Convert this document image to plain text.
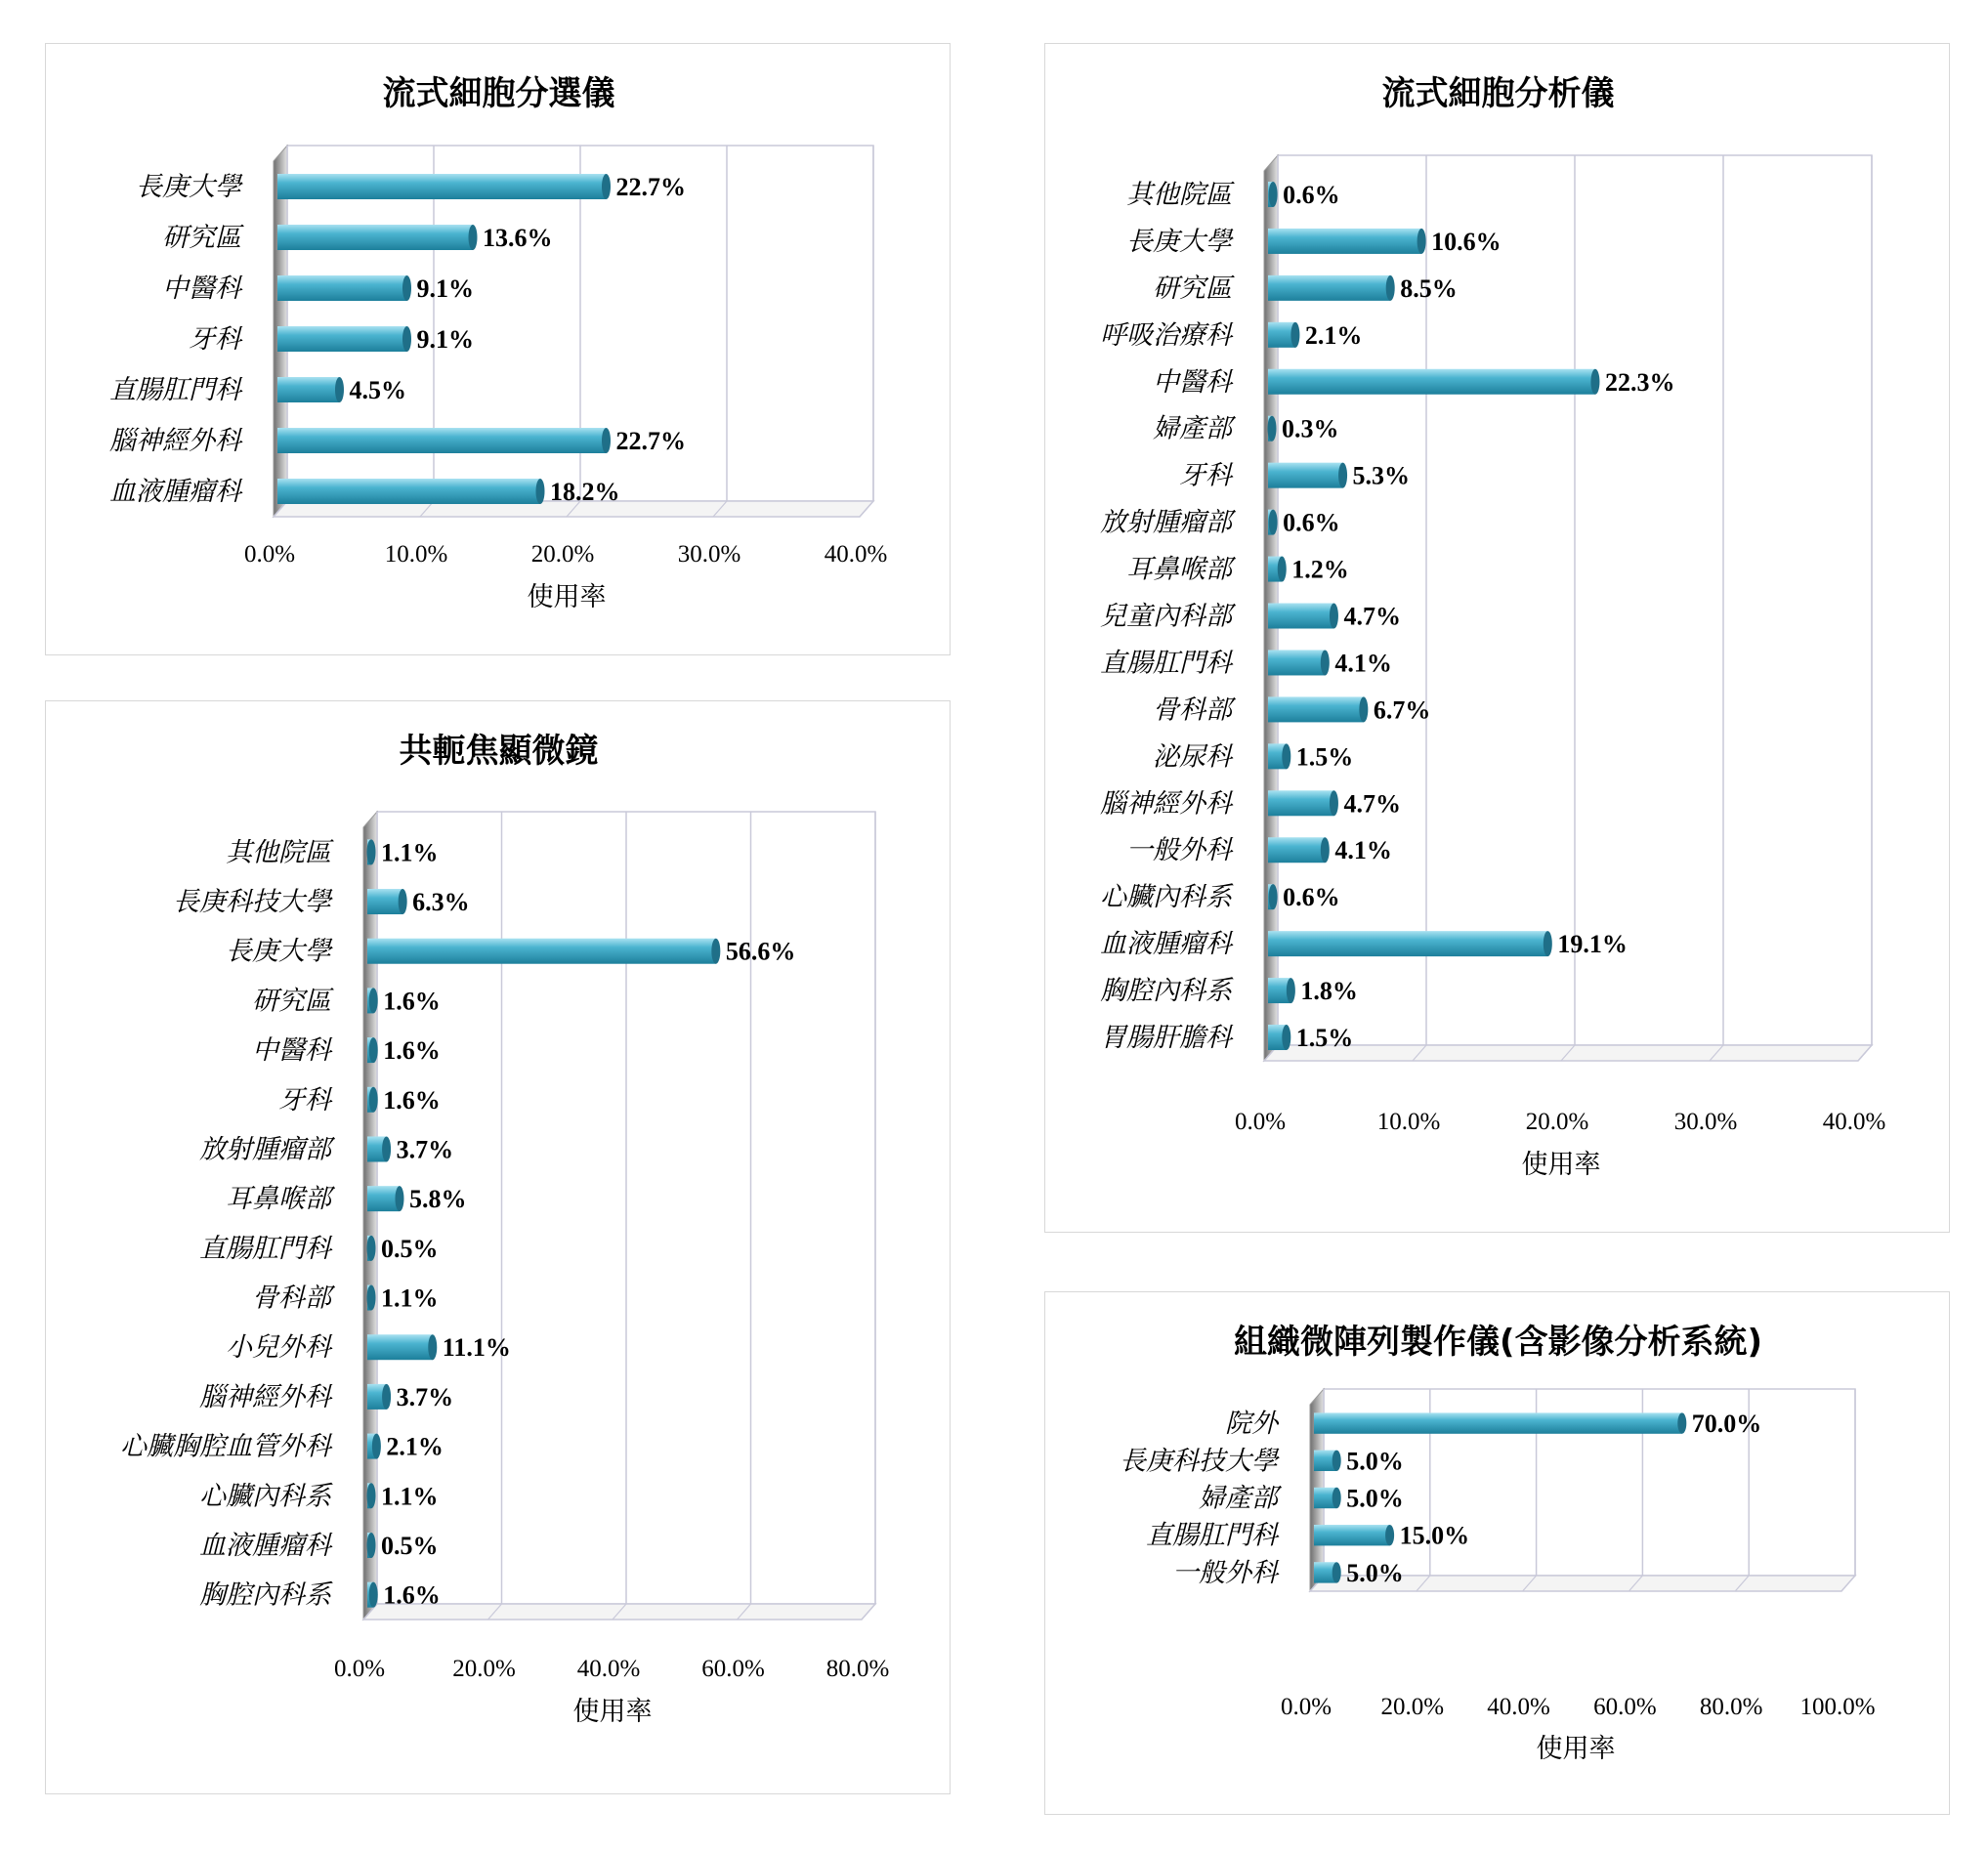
流式細胞分選儀
0.0%	10.0%	20.0%	30.0%	40.0%
使用率
長庚大學	22.7%
研究區	13.6%
中醫科	9.1%
牙科	9.1%
直腸肛門科	4.5%
腦神經外科	22.7%
血液腫瘤科	18.2%
流式細胞分析儀
0.0%	10.0%	20.0%	30.0%	40.0%
使用率
其他院區 0.6%
長庚大學	10.6%
研究區	8.5%
呼吸治療科	2.1%
中醫科	22.3%
婦產部 0.3%
牙科	5.3%
放射腫瘤部 0.6%
耳鼻喉部 1.2%
兒童內科部	4.7%
直腸肛門科	4.1%
骨科部	6.7%
泌尿科	1.5%
腦神經外科	4.7%
一般外科	4.1%
心臟內科系 0.6%
血液腫瘤科	19.1%
胸腔內科系	1.8%
胃腸肝膽科	1.5%
共軛焦顯微鏡
0.0%	20.0%	40.0%	60.0%	80.0%
使用率
其他院區 1.1%
長庚科技大學	6.3%
長庚大學	56.6%
研究區 1.6%
中醫科 1.6%
牙科 1.6%
放射腫瘤部	3.7%
耳鼻喉部	5.8%
直腸肛門科 0.5%
骨科部 1.1%
小兒外科	11.1%
腦神經外科	3.7%
心臟胸腔血管外科 2.1%
心臟內科系 1.1%
血液腫瘤科 0.5%
胸腔內科系 1.6%
組織微陣列製作儀(含影像分析系統)
0.0% 20.0% 40.0% 60.0% 80.0% 100.0%
使用率
院外	70.0%
長庚科技大學	5.0%
婦產部	5.0%
直腸肛門科	15.0%
一般外科	5.0%
